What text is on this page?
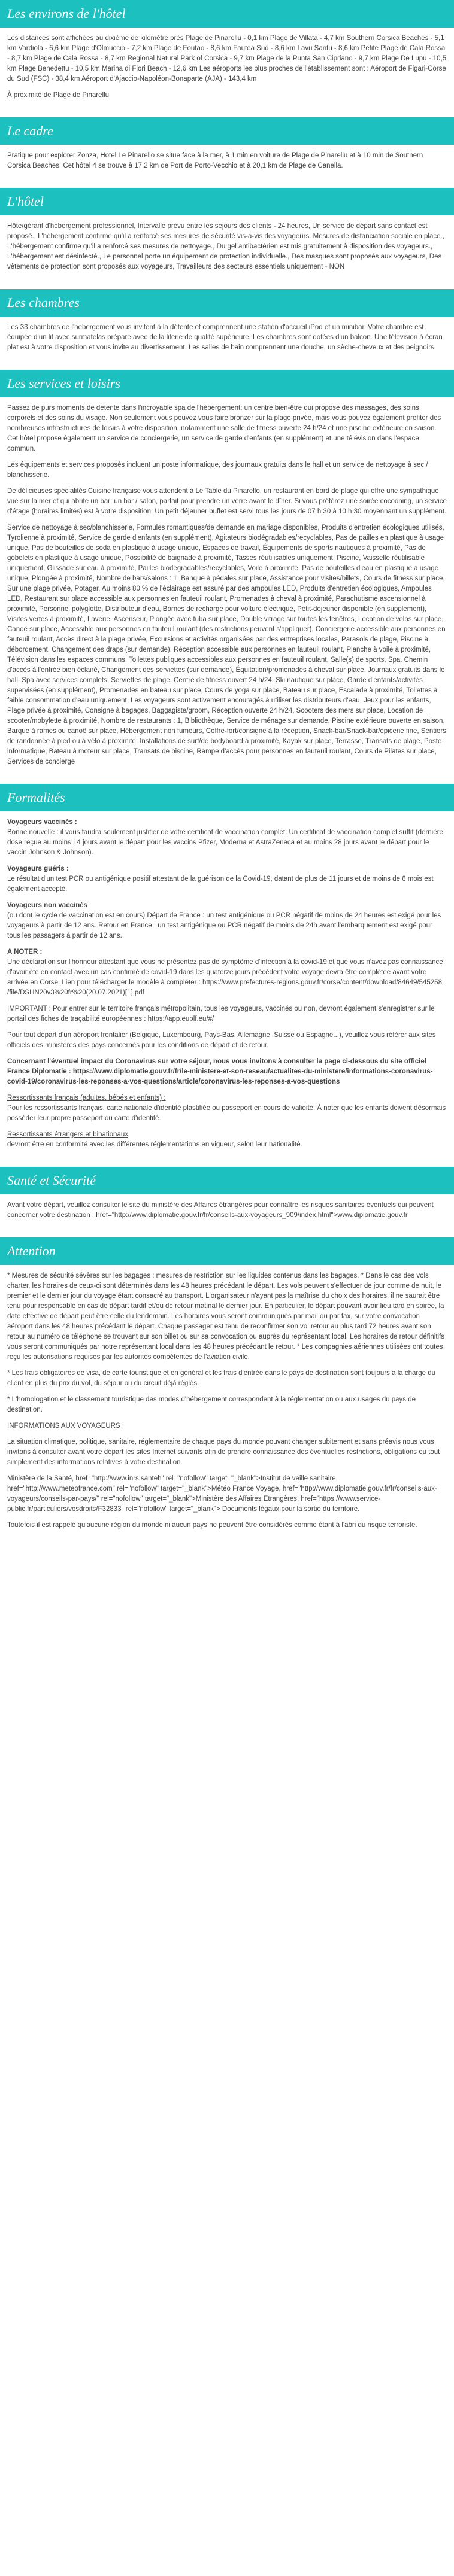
Les environs de l'hôtel

Les distances sont affichées au dixième de kilomètre près Plage de Pinarellu - 0,1 km Plage de Villata - 4,7 km Southern Corsica Beaches - 5,1 km Vardiola - 6,6 km Plage d'Olmuccio - 7,2 km Plage de Foutao - 8,6 km Fautea Sud - 8,6 km Lavu Santu - 8,6 km Petite Plage de Cala Rossa - 8,7 km Plage de Cala Rossa - 8,7 km Regional Natural Park of Corsica - 9,7 km Plage de la Punta San Cipriano - 9,7 km Plage De Lupu - 10,5 km Plage Benedettu - 10,5 km Marina di Fiori Beach - 12,6 km Les aéroports les plus proches de l'établissement sont : Aéroport de Figari-Corse du Sud (FSC) - 38,4 km Aéroport d'Ajaccio-Napoléon-Bonaparte (AJA) - 143,4 km

À proximité de Plage de Pinarellu

Le cadre

Pratique pour explorer Zonza, Hotel Le Pinarello se situe face à la mer, à 1 min en voiture de Plage de Pinarellu et à 10 min de Southern Corsica Beaches. Cet hôtel 4 se trouve à 17,2 km de Port de Porto-Vecchio et à 20,1 km de Plage de Canella.

L'hôtel

Hôte/gérant d'hébergement professionnel, Intervalle prévu entre les séjours des clients - 24 heures, Un service de départ sans contact est proposé., L'hébergement confirme qu'il a renforcé ses mesures de sécurité vis-à-vis des voyageurs. Mesures de distanciation sociale en place., L'hébergement confirme qu'il a renforcé ses mesures de nettoyage., Du gel antibactérien est mis gratuitement à disposition des voyageurs., L'hébergement est désinfecté., Le personnel porte un équipement de protection individuelle., Des masques sont proposés aux voyageurs, Des vêtements de protection sont proposés aux voyageurs, Travailleurs des secteurs essentiels uniquement - NON

Les chambres

Les 33 chambres de l'hébergement vous invitent à la détente et comprennent une station d'accueil iPod et un minibar. Votre chambre est équipée d'un lit avec surmatelas préparé avec de la literie de qualité supérieure. Les chambres sont dotées d'un balcon. Une télévision à écran plat est à votre disposition et vous invite au divertissement. Les salles de bain comprennent une douche, un sèche-cheveux et des peignoirs.

Les services et loisirs

Passez de purs moments de détente dans l'incroyable spa de l'hébergement; un centre bien-être qui propose des massages, des soins corporels et des soins du visage. Non seulement vous pouvez vous faire bronzer sur la plage privée, mais vous pouvez également profiter des nombreuses infrastructures de loisirs à votre disposition, notamment une salle de fitness ouverte 24 h/24 et une piscine extérieure en saison. Cet hôtel propose également un service de conciergerie, un service de garde d'enfants (en supplément) et une télévision dans l'espace commun.

Les équipements et services proposés incluent un poste informatique, des journaux gratuits dans le hall et un service de nettoyage à sec / blanchisserie.

De délicieuses spécialités Cuisine française vous attendent à Le Table du Pinarello, un restaurant en bord de plage qui offre une sympathique vue sur la mer et qui abrite un bar; un bar / salon, parfait pour prendre un verre avant le dîner. Si vous préférez une soirée cocooning, un service d'étage (horaires limités) est à votre disposition. Un petit déjeuner buffet est servi tous les jours de 07 h 30 à 10 h 30 moyennant un supplément.

Service de nettoyage à sec/blanchisserie, Formules romantiques/de demande en mariage disponibles, Produits d'entretien écologiques utilisés, Tyrolienne à proximité, Service de garde d'enfants (en supplément), Agitateurs biodégradables/recyclables, Pas de pailles en plastique à usage unique, Pas de bouteilles de soda en plastique à usage unique, Espaces de travail, Équipements de sports nautiques à proximité, Pas de gobelets en plastique à usage unique, Possibilité de baignade à proximité, Tasses réutilisables uniquement, Piscine, Vaisselle réutilisable uniquement, Glissade sur eau à proximité, Pailles biodégradables/recyclables, Voile à proximité, Pas de bouteilles d'eau en plastique à usage unique, Plongée à proximité, Nombre de bars/salons : 1, Banque à pédales sur place, Assistance pour visites/billets, Cours de fitness sur place, Sur une plage privée, Potager, Au moins 80 % de l'éclairage est assuré par des ampoules LED, Produits d'entretien écologiques, Ampoules LED, Restaurant sur place accessible aux personnes en fauteuil roulant, Promenades à cheval à proximité, Parachutisme ascensionnel à proximité, Personnel polyglotte, Distributeur d'eau, Bornes de recharge pour voiture électrique, Petit-déjeuner disponible (en supplément), Visites vertes à proximité, Laverie, Ascenseur, Plongée avec tuba sur place, Double vitrage sur toutes les fenêtres, Location de vélos sur place, Canoë sur place, Accessible aux personnes en fauteuil roulant (des restrictions peuvent s'appliquer), Conciergerie accessible aux personnes en fauteuil roulant, Accès direct à la plage privée, Excursions et activités organisées par des entreprises locales, Parasols de plage, Piscine à débordement, Changement des draps (sur demande), Réception accessible aux personnes en fauteuil roulant, Planche à voile à proximité, Télévision dans les espaces communs, Toilettes publiques accessibles aux personnes en fauteuil roulant, Salle(s) de sports, Spa, Chemin d'accès à l'entrée bien éclairé, Changement des serviettes (sur demande), Équitation/promenades à cheval sur place, Journaux gratuits dans le hall, Spa avec services complets, Serviettes de plage, Centre de fitness ouvert 24 h/24, Ski nautique sur place, Garde d'enfants/activités supervisées (en supplément), Promenades en bateau sur place, Cours de yoga sur place, Bateau sur place, Escalade à proximité, Toilettes à faible consommation d'eau uniquement, Les voyageurs sont activement encouragés à utiliser les distributeurs d'eau, Jeux pour les enfants, Plage privée à proximité, Consigne à bagages, Baggagiste/groom, Réception ouverte 24 h/24, Scooters des mers sur place, Location de scooter/mobylette à proximité, Nombre de restaurants : 1, Bibliothèque, Service de ménage sur demande, Piscine extérieure ouverte en saison, Barque à rames ou canoë sur place, Hébergement non fumeurs, Coffre-fort/consigne à la réception, Snack-bar/Snack-bar/épicerie fine, Sentiers de randonnée à pied ou à vélo à proximité, Installations de surf/de bodyboard à proximité, Kayak sur place, Terrasse, Transats de plage, Poste informatique, Bateau à moteur sur place, Transats de piscine, Rampe d'accès pour personnes en fauteuil roulant, Cours de Pilates sur place, Services de concierge

Formalités

Voyageurs vaccinés :
Bonne nouvelle : il vous faudra seulement justifier de votre certificat de vaccination complet. Un certificat de vaccination complet suffit (dernière dose reçue au moins 14 jours avant le départ pour les vaccins Pfizer, Moderna et AstraZeneca et au moins 28 jours avant le départ pour le vaccin Johnson & Johnson).

Voyageurs guéris :
Le résultat d'un test PCR ou antigénique positif attestant de la guérison de la Covid-19, datant de plus de 11 jours et de moins de 6 mois est également accepté.

Voyageurs non vaccinés
(ou dont le cycle de vaccination est en cours) Départ de France : un test antigénique ou PCR négatif de moins de 24 heures est exigé pour les voyageurs à partir de 12 ans. Retour en France : un test antigénique ou PCR négatif de moins de 24h avant l'embarquement est exigé pour tous les passagers à partir de 12 ans.

A NOTER :
Une déclaration sur l'honneur attestant que vous ne présentez pas de symptôme d'infection à la covid-19 et que vous n'avez pas connaissance d'avoir été en contact avec un cas confirmé de covid-19 dans les quatorze jours précédent votre voyage devra être complétée avant votre arrivée en Corse. Lien pour télécharger le modèle à compléter : https://www.prefectures-regions.gouv.fr/corse/content/download/84649/545258 /file/DSHN20v3%20fr%20(20.07.2021)[1].pdf

IMPORTANT : Pour entrer sur le territoire français métropolitain, tous les voyageurs, vaccinés ou non, devront également s'enregistrer sur le portail des fiches de traçabilité européennes : https://app.euplf.eu/#/

Pour tout départ d'un aéroport frontalier (Belgique, Luxembourg, Pays-Bas, Allemagne, Suisse ou Espagne...), veuillez vous référer aux sites officiels des ministères des pays concernés pour les conditions de départ et de retour.

Concernant l'éventuel impact du Coronavirus sur votre séjour, nous vous invitons à consulter la page ci-dessous du site officiel France Diplomatie : https://www.diplomatie.gouv.fr/fr/le-ministere-et-son-reseau/actualites-du-ministere/informations-coronavirus-covid-19/coronavirus-les-reponses-a-vos-questions/article/coronavirus-les-reponses-a-vos-questions

Ressortissants français (adultes, bébés et enfants) :
Pour les ressortissants français, carte nationale d'identité plastifiée ou passeport en cours de validité. À noter que les enfants doivent désormais posséder leur propre passeport ou carte d'identité.

Ressortissants étrangers et binationaux
devront être en conformité avec les différentes réglementations en vigueur, selon leur nationalité.

Santé et Sécurité

Avant votre départ, veuillez consulter le site du ministère des Affaires étrangères pour connaître les risques sanitaires éventuels qui peuvent concerner votre destination : href="http://www.diplomatie.gouv.fr/fr/conseils-aux-voyageurs_909/index.html">www.diplomatie.gouv.fr

Attention

* Mesures de sécurité sévères sur les bagages : mesures de restriction sur les liquides contenus dans les bagages. * Dans le cas des vols charter, les horaires de ceux-ci sont déterminés dans les 48 heures précédant le départ. Les vols peuvent s'effectuer de jour comme de nuit, le premier et le dernier jour du voyage étant consacré au transport. L'organisateur n'ayant pas la maîtrise du choix des horaires, il ne saurait être tenu pour responsable en cas de départ tardif et/ou de retour matinal le dernier jour. En particulier, le départ pouvant avoir lieu tard en soirée, la date effective de départ peut être celle du lendemain. Les horaires vous seront communiqués par mail ou par fax, sur votre convocation aéroport dans les 48 heures précédant le départ. Chaque passager est tenu de reconfirmer son vol retour au plus tard 72 heures avant son retour au numéro de téléphone se trouvant sur son billet ou sur sa convocation ou auprès du représentant local. Les horaires de retour définitifs vous seront communiqués par notre représentant local dans les 48 heures précédant le retour. * Les compagnies aériennes utilisées ont toutes reçu les autorisations requises par les autorités compétentes de l'aviation civile.

* Les frais obligatoires de visa, de carte touristique et en général et les frais d'entrée dans le pays de destination sont toujours à la charge du client en plus du prix du vol, du séjour ou du circuit déjà réglés.

* L'homologation et le classement touristique des modes d'hébergement correspondent à la réglementation ou aux usages du pays de destination.

INFORMATIONS AUX VOYAGEURS :

La situation climatique, politique, sanitaire, réglementaire de chaque pays du monde pouvant changer subitement et sans préavis nous vous invitons à consulter avant votre départ les sites Internet suivants afin de prendre connaissance des éventuelles restrictions, obligations ou tout simplement des informations relatives à votre destination.

Ministère de la Santé, href="http://www.inrs.santeh" rel="nofollow" target="_blank">Institut de veille sanitaire, href="http://www.meteofrance.com" rel="nofollow" target="_blank">Météo France Voyage, href="http://www.diplomatie.gouv.fr/fr/conseils-aux-voyageurs/conseils-par-pays/" rel="nofollow" target="_blank">Ministère des Affaires Etrangères, href="https://www.service-public.fr/particuliers/vosdroits/F32833" rel="nofollow" target="_blank"> Documents légaux pour la sortie du territoire.

Toutefois il est rappelé qu'aucune région du monde ni aucun pays ne peuvent être considérés comme étant à l'abri du risque terroriste.
